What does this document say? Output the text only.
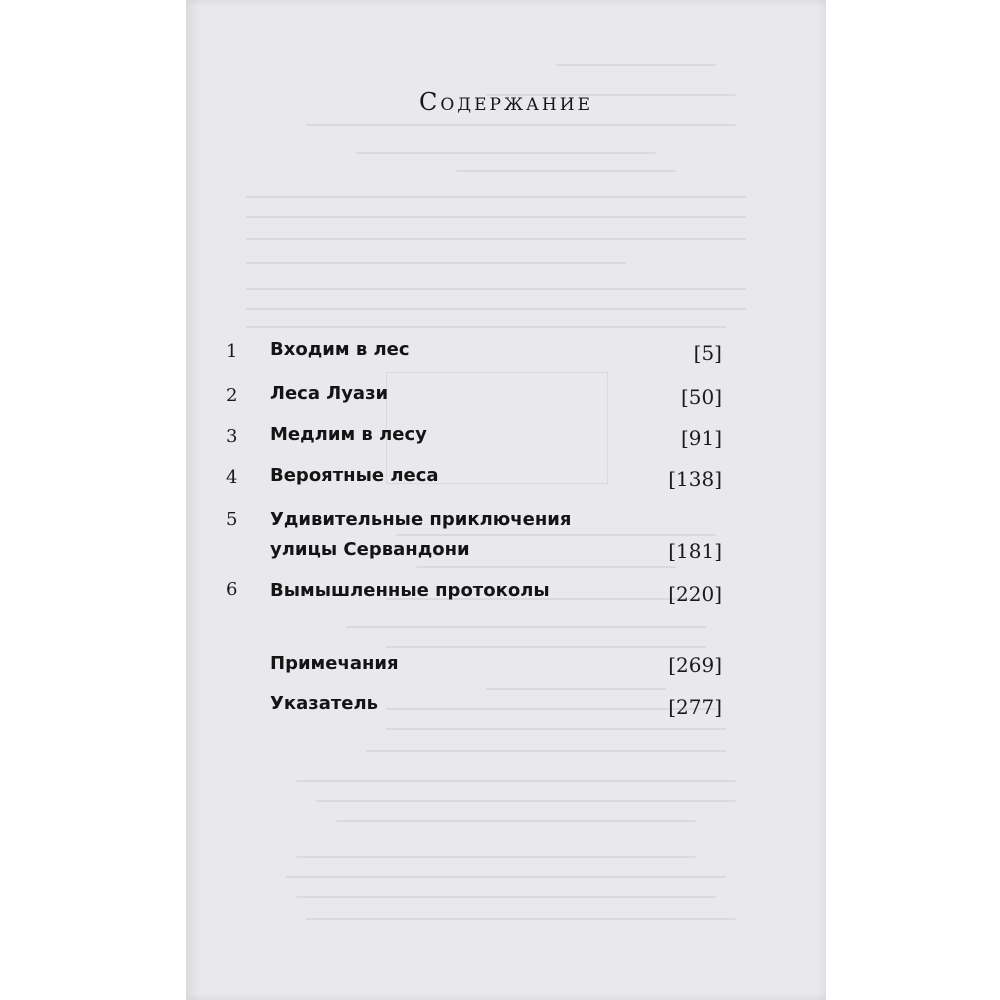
Содержание
1 Входим в лес	[5]
2 Леса Луази	[50]
3 Медлим в лесу	[91]
4 Вероятные леса	[138]
5 Удивительные приключения
улицы Сервандони	[181]
6 Вымышленные протоколы	[220]
Примечания	[269]
Указатель	[277]
